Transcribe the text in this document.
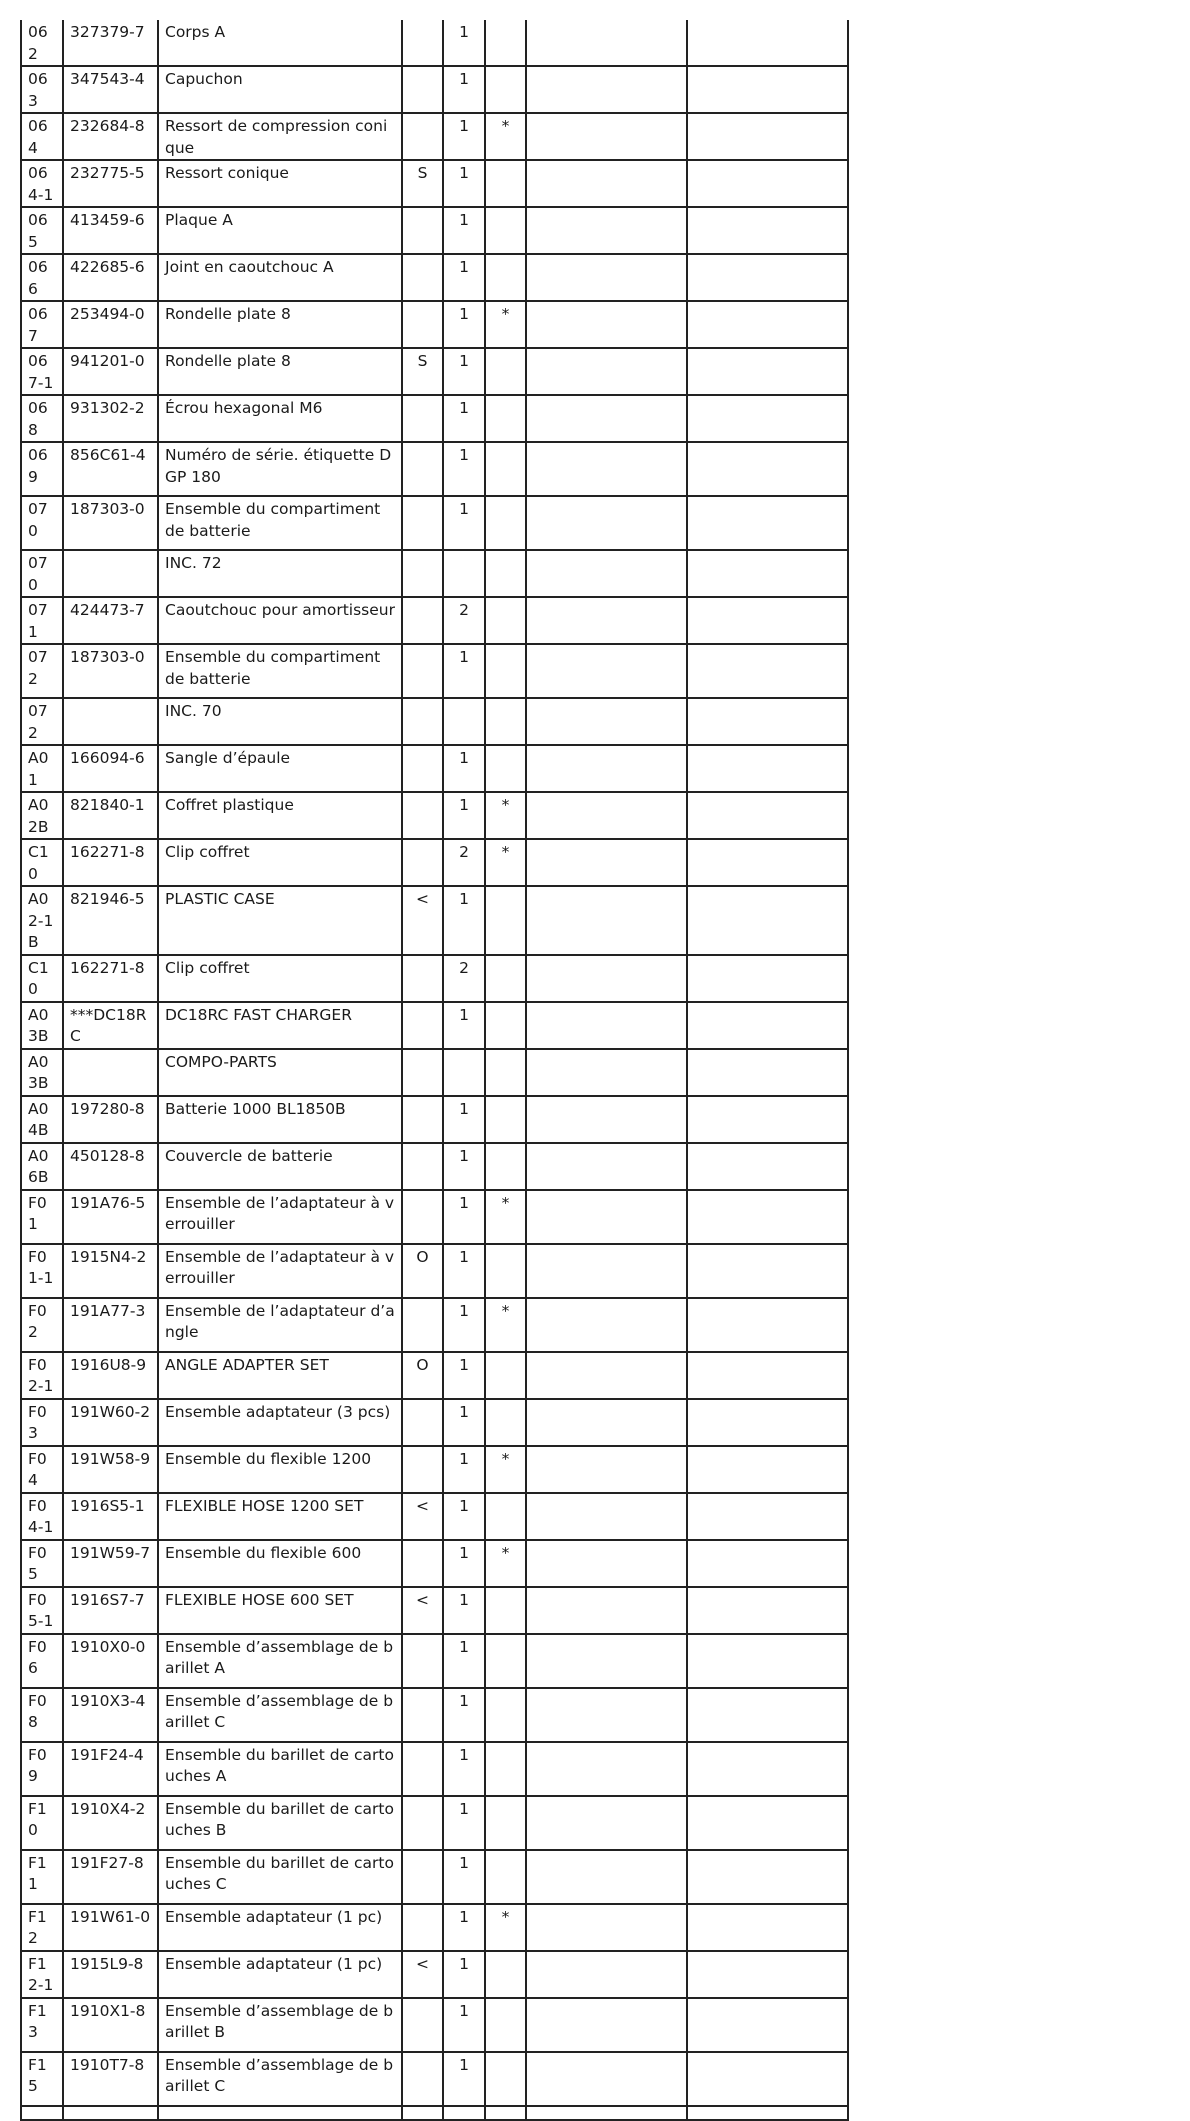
062	327379-7	Corps A		1			
063	347543-4	Capuchon		1			
064	232684-8	Ressort de compression conique		1	*		
064-1	232775-5	Ressort conique	S	1			
065	413459-6	Plaque A		1			
066	422685-6	Joint en caoutchouc A		1			
067	253494-0	Rondelle plate 8		1	*		
067-1	941201-0	Rondelle plate 8	S	1			
068	931302-2	Écrou hexagonal M6		1			
069	856C61-4	Numéro de série. étiquette DGP 180		1			
070	187303-0	Ensemble du compartiment de batterie		1			
070		INC. 72					
071	424473-7	Caoutchouc pour amortisseur		2			
072	187303-0	Ensemble du compartiment de batterie		1			
072		INC. 70					
A01	166094-6	Sangle d’épaule		1			
A02B	821840-1	Coffret plastique		1	*		
C10	162271-8	Clip coffret		2	*		
A02-1B	821946-5	PLASTIC CASE	<	1			
C10	162271-8	Clip coffret		2			
A03B	***DC18RC	DC18RC FAST CHARGER		1			
A03B		COMPO-PARTS					
A04B	197280-8	Batterie 1000 BL1850B		1			
A06B	450128-8	Couvercle de batterie		1			
F01	191A76-5	Ensemble de l’adaptateur à verrouiller		1	*		
F01-1	1915N4-2	Ensemble de l’adaptateur à verrouiller	O	1			
F02	191A77-3	Ensemble de l’adaptateur d’angle		1	*		
F02-1	1916U8-9	ANGLE ADAPTER SET	O	1			
F03	191W60-2	Ensemble adaptateur (3 pcs)		1			
F04	191W58-9	Ensemble du flexible 1200		1	*		
F04-1	1916S5-1	FLEXIBLE HOSE 1200 SET	<	1			
F05	191W59-7	Ensemble du flexible 600		1	*		
F05-1	1916S7-7	FLEXIBLE HOSE 600 SET	<	1			
F06	1910X0-0	Ensemble d’assemblage de barillet A		1			
F08	1910X3-4	Ensemble d’assemblage de barillet C		1			
F09	191F24-4	Ensemble du barillet de cartouches A		1			
F10	1910X4-2	Ensemble du barillet de cartouches B		1			
F11	191F27-8	Ensemble du barillet de cartouches C		1			
F12	191W61-0	Ensemble adaptateur (1 pc)		1	*		
F12-1	1915L9-8	Ensemble adaptateur (1 pc)	<	1			
F13	1910X1-8	Ensemble d’assemblage de barillet B		1			
F15	1910T7-8	Ensemble d’assemblage de barillet C		1			
